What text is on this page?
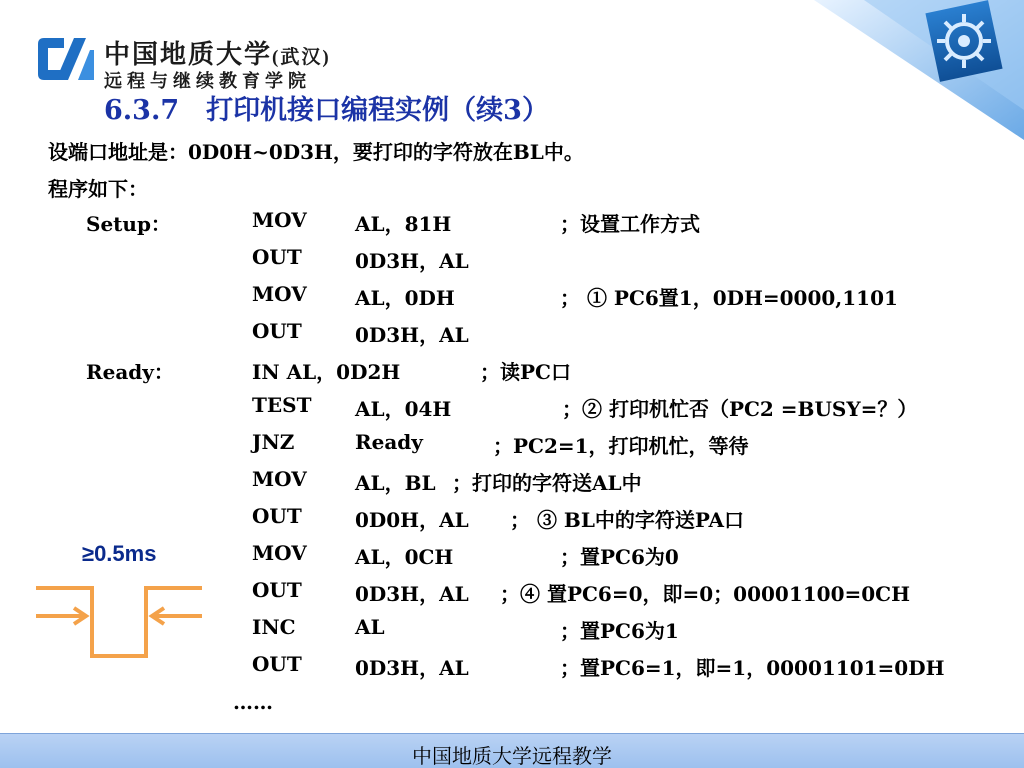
中国地质大学(武汉)
远程与继续教育学院
6.3.7　打印机接口编程实例（续3）
设端口地址是：0D0H~0D3H，要打印的字符放在BL中。
程序如下：
Setup：	MOV AL，81H	；设置工作方式
OUT	0D3H，AL
MOV AL，0DH	； ① PC6置1，0DH=0000,1101
OUT	0D3H，AL
Ready：	IN AL，0D2H	；读PC口
TEST AL，04H	；② 打印机忙否（PC2 =BUSY=？）
JNZ	Ready	；PC2=1，打印机忙，等待
MOV AL，BL ；打印的字符送AL中
OUT	0D0H，AL ； ③ BL中的字符送PA口
MOV AL，0CH	；置PC6为0
OUT	0D3H，AL ；④ 置PC6=0，即=0；00001100=0CH
INC	AL	；置PC6为1
OUT	0D3H，AL	；置PC6=1，即=1，00001101=0DH
……
≥0.5ms
中国地质大学远程教学
